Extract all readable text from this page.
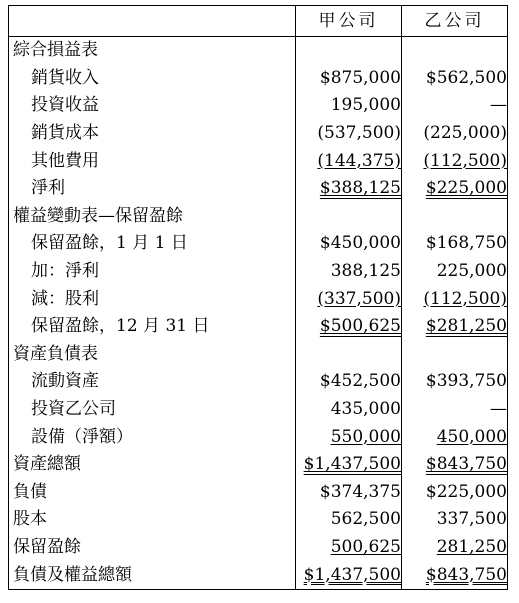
	甲公司	乙公司
綜合損益表		
銷貨收入	$875,000	$562,500
投資收益	195,000	—
銷貨成本	(537,500)	(225,000)
其他費用	(144,375)	(112,500)
淨利	$388,125	$225,000
權益變動表—保留盈餘		
保留盈餘，1 月 1 日	$450,000	$168,750
加：淨利	388,125	225,000
減：股利	(337,500)	(112,500)
保留盈餘，12 月 31 日	$500,625	$281,250
資產負債表		
流動資產	$452,500	$393,750
投資乙公司	435,000	—
設備（淨額）	550,000	450,000
資產總額	$1,437,500	$843,750
負債	$374,375	$225,000
股本	562,500	337,500
保留盈餘	500,625	281,250
負債及權益總額	$1,437,500	$843,750
